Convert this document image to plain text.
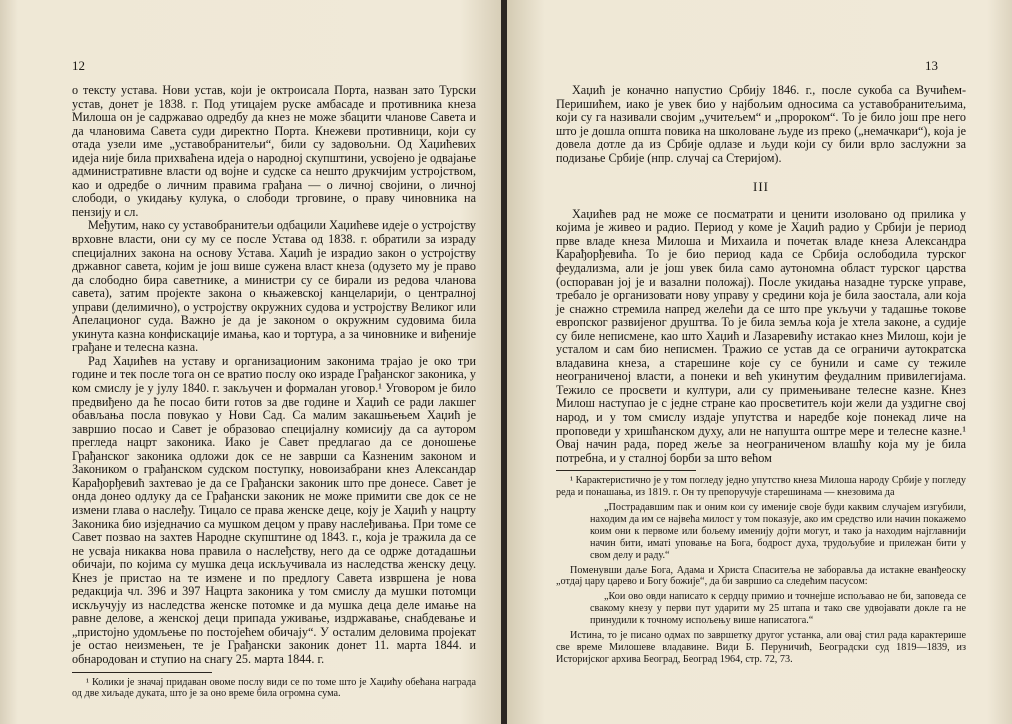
12

о тексту устава. Нови устав, који је октроисала Порта, назван зато Турски устав, донет је 1838. г. Под утицајем руске амбасаде и противника кнеза Милоша он је садржавао одредбу да кнез не може збацити чланове Савета и да члановима Савета суди директно Порта. Кнежеви противници, који су отада узели име „уставобранитељи“, били су задовољни. Од Хаџићевих идеја није била прихваћена идеја о народној скупштини, усвојено је одвајање административне власти од војне и судске са нешто друкчијим устројством, као и одредбе о личним правима грађана — о личној својини, о личној слободи, о укидању кулука, о слободи трговине, о праву чиновника на пензију и сл.

Међутим, нако су уставобранитељи одбацили Хаџићеве идеје о устројству врховне власти, они су му се после Устава од 1838. г. обратили за израду специјалних закона на основу Устава. Хаџић је израдио закон о устројству државног савета, којим је још више сужена власт кнеза (одузето му је право да слободно бира саветнике, а министри су се бирали из редова чланова савета), затим пројекте закона о књажевској канцеларији, о централној управи (делимично), о устројству окружних судова и устројству Великог или Апелационог суда. Важно је да је законом о окружним судовима била укинута казна конфискације имања, као и тортура, а за чиновнике и виђеније грађане и телесна казна.

Рад Хаџићев на уставу и организационим законима трајао је око три године и тек после тога он се вратио послу око израде Грађанског законика, у ком смислу је у јулу 1840. г. закључен и формалан уговор.¹ Уговором је било предвиђено да ће посао бити готов за две године и Хаџић се ради лакшег обављања посла повукао у Нови Сад. Са малим закашњењем Хаџић је завршио посао и Савет је образовао специјалну комисију да са аутором прегледа нацрт законика. Иако је Савет предлагао да се доношење Грађанског законика одложи док се не заврши са Казненим законом и Закоником о грађанском судском поступку, новоизабрани кнез Александар Карађорђевић захтевао је да се Грађански законик што пре донесе. Савет је онда донео одлуку да се Грађански законик не може примити све док се не измени глава о наслеђу. Тицало се права женске деце, коју је Хаџић у нацрту Законика био изједначио са мушком децом у праву наслеђивања. При томе се Савет позвао на захтев Народне скупштине од 1843. г., која је тражила да се не усваја никаква нова правила о наслеђству, него да се одрже дотадашњи обичаји, по којима су мушка деца искључивала из наследства женску децу. Кнез је пристао на те измене и по предлогу Савета извршена је нова редакција чл. 396 и 397 Нацрта законика у том смислу да мушки потомци искључују из наследства женске потомке и да мушка деца деле имање на равне делове, а женској деци припада уживање, издржавање, снабдевање и „пристојно удомљење по постојећем обичају“. У осталим деловима пројекат је остао неизмењен, те је Грађански законик донет 11. марта 1844. и обнародован и ступио на снагу 25. марта 1844. г.

¹ Колики је значај придаван овоме послу види се по томе што је Хаџићу обећана награда од две хиљаде дуката, што је за оно време била огромна сума.

13

Хаџић је коначно напустио Србију 1846. г., после сукоба са Вучићем-Перишићем, иако је увек био у најбољим односима са уставобранитељима, који су га називали својим „учитељем“ и „пророком“. То је било још пре него што је дошла општа повика на школоване људе из преко („немачкари“), која је довела дотле да из Србије одлазе и људи који су били врло заслужни за подизање Србије (нпр. случај са Стеријом).

III

Хаџићев рад не може се посматрати и ценити изоловано од прилика у којима је живео и радио. Период у коме је Хаџић радио у Србији је период прве владе кнеза Милоша и Михаила и почетак владе кнеза Александра Карађорђевића. То је био период када се Србија ослободила турског феудализма, али је још увек била само аутономна област турског царства (оспораван јој је и вазални положај). После укидања назадне турске управе, требало је организовати нову управу у средини која је била заостала, али која је снажно стремила напред желећи да се што пре укључи у тадашње токове европског развијеног друштва. То је била земља која је хтела законе, а судије су биле неписмене, као што Хаџић и Лазаревићу истакао кнез Милош, који је усталом и сам био неписмен. Тражио се устав да се ограничи аутократска владавина кнеза, а старешине које су се бунили и саме су тежиле неограниченој власти, а понеки и већ укинутим феудалним привилегијама. Тежило се просвети и култури, али су примењиване телесне казне. Кнез Милош наступао је с једне стране као просветитељ који жели да уздигне свој народ, и у том смислу издаје упутства и наредбе које понекад личе на проповеди у хришћанском духу, али не напушта оштре мере и телесне казне.¹ Овај начин рада, поред жеље за неограниченом влашћу која му је била потребна, и у сталној борби за што већом

¹ Карактеристично је у том погледу једно упутство кнеза Милоша народу Србије у погледу реда и понашања, из 1819. г. Он ту препоручује старешинама — кнезовима да

„Пострадавшим пак и оним кои су имениje своје буди каквим случајем изгубили, находим да им се највећа милост у том показује, ако им средство или начин покажемо коим они к первоме или бољему имениjу дојти могут, и тако ја находим најглавнији начин бити, иматi уповање на Бога, бодрост духа, трудољубие и прилежан бити у свом делу и раду.“

Поменувши даље Бога, Адама и Христа Спаситеља не заборавља да истакне еванђеоску „отдај цару царево и Богу божије“, да би завршио са следећим пасусом:

„Кои ово овди написато к сердцу примио и точнеjше испољавао не би, заповеда се свакому кнезу у перви пут ударити му 25 штапа и тако све удвојавати докле га не принудили к точному испољењу више написатога.“

Истина, то је писано одмах по завршетку другог устанка, али овај стил рада карактерише све време Милошеве владавине. Види Б. Перуничић, Београдски суд 1819—1839, из Историјског архива Београд, Београд 1964, стр. 72, 73.
